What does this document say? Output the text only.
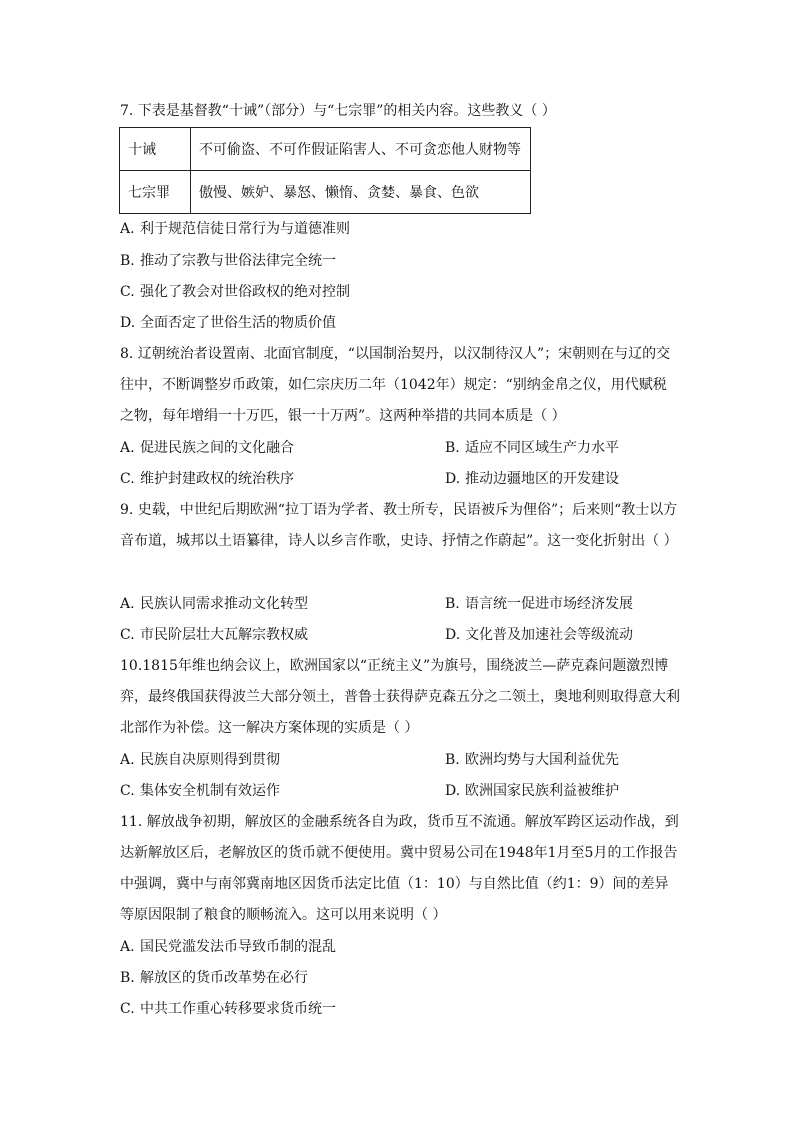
7. 下表是基督教“十诫”（部分）与“七宗罪”的相关内容。这些教义（ ）
十诫	不可偷盗、不可作假证陷害人、不可贪恋他人财物等
七宗罪	傲慢、嫉妒、暴怒、懒惰、贪婪、暴食、色欲
A. 利于规范信徒日常行为与道德准则
B. 推动了宗教与世俗法律完全统一
C. 强化了教会对世俗政权的绝对控制
D. 全面否定了世俗生活的物质价值
8. 辽朝统治者设置南、北面官制度，“以国制治契丹，以汉制待汉人”；宋朝则在与辽的交往中，不断调整岁币政策，如仁宗庆历二年（1042年）规定：“别纳金帛之仪，用代赋税之物，每年增绢一十万匹，银一十万两”。这两种举措的共同本质是（ ）
A. 促进民族之间的文化融合	B. 适应不同区域生产力水平
C. 维护封建政权的统治秩序	D. 推动边疆地区的开发建设
9. 史载，中世纪后期欧洲“拉丁语为学者、教士所专，民语被斥为俚俗”；后来则“教士以方音布道，城邦以土语纂律，诗人以乡言作歌，史诗、抒情之作蔚起”。这一变化折射出（ ）
A. 民族认同需求推动文化转型	B. 语言统一促进市场经济发展
C. 市民阶层壮大瓦解宗教权威	D. 文化普及加速社会等级流动
10.1815年维也纳会议上，欧洲国家以“正统主义”为旗号，围绕波兰—萨克森问题激烈博弈，最终俄国获得波兰大部分领土，普鲁士获得萨克森五分之二领土，奥地利则取得意大利北部作为补偿。这一解决方案体现的实质是（ ）
A. 民族自决原则得到贯彻	B. 欧洲均势与大国利益优先
C. 集体安全机制有效运作	D. 欧洲国家民族利益被维护
11. 解放战争初期，解放区的金融系统各自为政，货币互不流通。解放军跨区运动作战，到达新解放区后，老解放区的货币就不便使用。冀中贸易公司在1948年1月至5月的工作报告中强调，冀中与南邻冀南地区因货币法定比值（1：10）与自然比值（约1：9）间的差异等原因限制了粮食的顺畅流入。这可以用来说明（ ）
A. 国民党滥发法币导致币制的混乱
B. 解放区的货币改革势在必行
C. 中共工作重心转移要求货币统一
